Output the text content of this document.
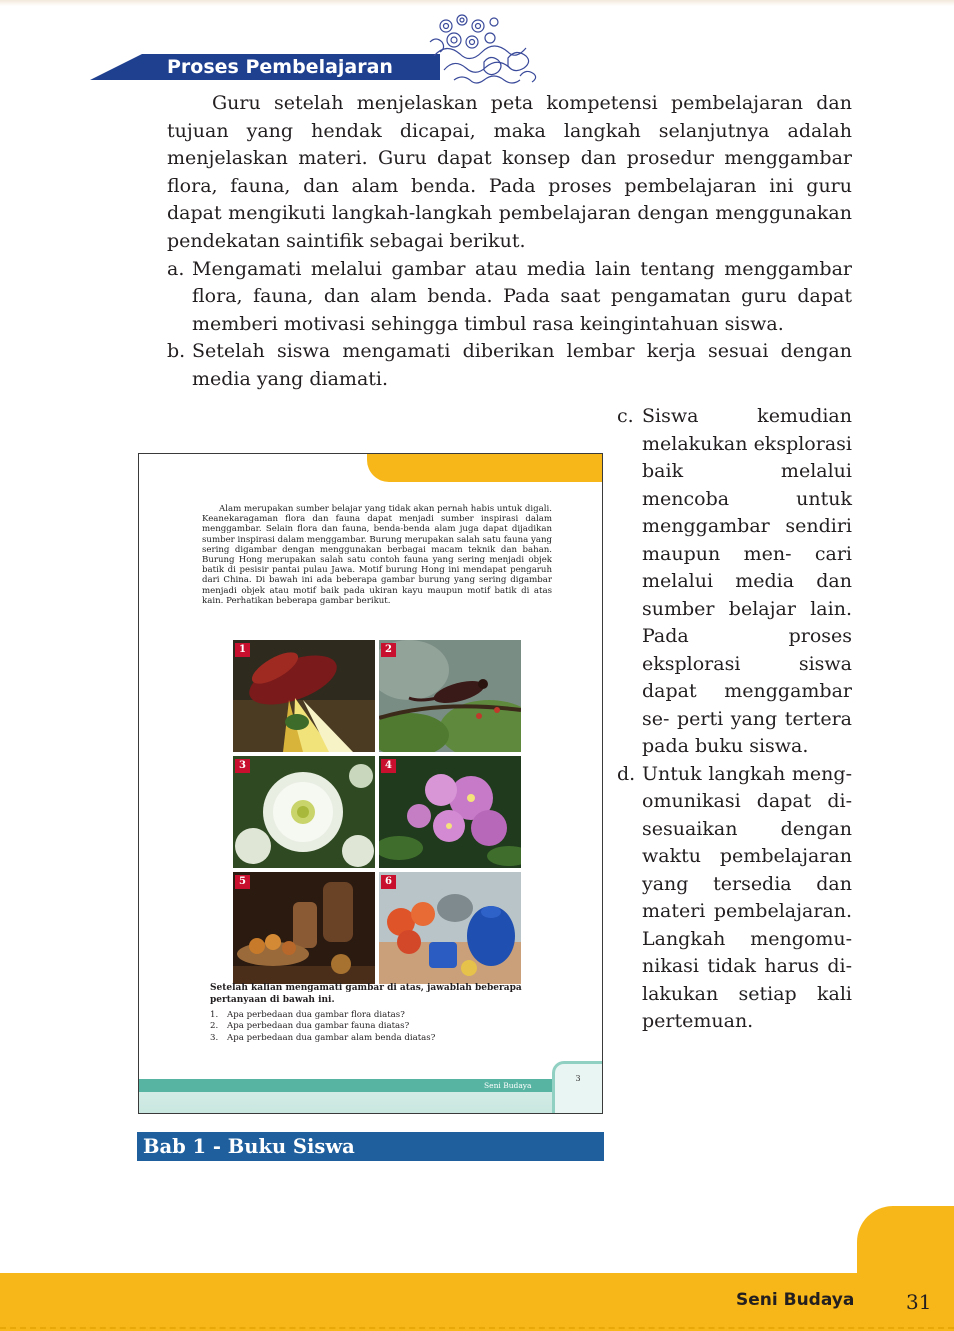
Proses Pembelajaran

Guru setelah menjelaskan peta kompetensi pembelajaran dan tujuan yang hendak dicapai, maka langkah selanjutnya adalah menjelaskan materi. Guru dapat konsep dan prosedur menggambar flora, fauna, dan alam benda. Pada proses pembelajaran ini guru dapat mengikuti langkah-langkah pembelajaran dengan menggunakan pendekatan saintifik sebagai berikut.

a. Mengamati melalui gambar atau media lain tentang menggambar flora, fauna, dan alam benda. Pada saat pengamatan guru dapat memberi motivasi sehingga timbul rasa keingintahuan siswa.

b. Setelah siswa mengamati diberikan lembar kerja sesuai dengan media yang diamati.

c. Siswa kemudian melakukan eksplorasi baik melalui mencoba untuk menggambar sendiri maupun men- cari melalui media dan sumber belajar lain. Pada proses eksplorasi siswa dapat menggambar se- perti yang tertera pada buku siswa.

d. Untuk langkah meng- omunikasi dapat di- sesuaikan dengan waktu pembelajaran yang tersedia dan materi pembelajaran. Langkah mengomu- nikasi tidak harus di- lakukan setiap kali pertemuan.

Alam merupakan sumber belajar yang tidak akan pernah habis untuk digali. Keanekaragaman flora dan fauna dapat menjadi sumber inspirasi dalam menggambar. Selain flora dan fauna, benda-benda alam juga dapat dijadikan sumber inspirasi dalam menggambar. Burung merupakan salah satu fauna yang sering digambar dengan menggunakan berbagai macam teknik dan bahan. Burung Hong merupakan salah satu contoh fauna yang sering menjadi objek batik di pesisir pantai pulau Jawa. Motif burung Hong ini mendapat pengaruh dari China. Di bawah ini ada beberapa gambar burung yang sering digambar menjadi objek atau motif baik pada ukiran kayu maupun motif batik di atas kain. Perhatikan beberapa gambar berikut.

1	2
3	4
5	6

Setelah kalian mengamati gambar di atas, jawablah beberapa pertanyaan di bawah ini.

1. Apa perbedaan dua gambar flora diatas?
2. Apa perbedaan dua gambar fauna diatas?
3. Apa perbedaan dua gambar alam benda diatas?
Seni Budaya
3
Bab 1 - Buku Siswa
Seni Budaya	31
